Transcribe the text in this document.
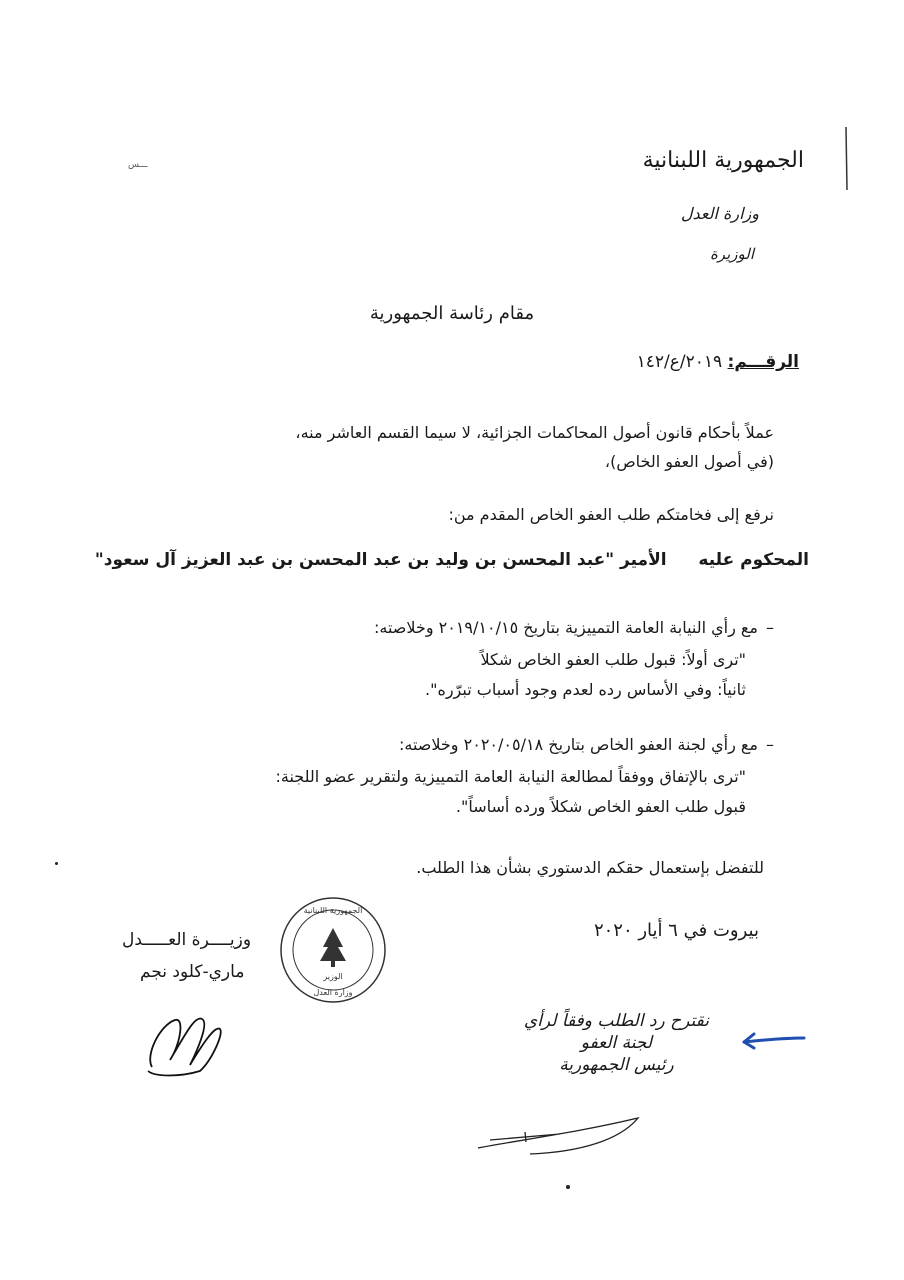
ـــس	الجمهورية اللبنانية
وزارة العدل
الوزيرة
مقام رئاسة الجمهورية
الرقـــم: ٢٠١٩/ع/١٤٢
عملاً بأحكام قانون أصول المحاكمات الجزائية، لا سيما القسم العاشر منه،
(في أصول العفو الخاص)،
نرفع إلى فخامتكم طلب العفو الخاص المقدم من:
المحكوم عليه  الأمير "عبد المحسن بن وليد بن عبد المحسن بن عبد العزيز آل سعود"
–مع رأي النيابة العامة التمييزية بتاريخ ٢٠١٩/١٠/١٥ وخلاصته:
"ترى أولاً: قبول طلب العفو الخاص شكلاً
ثانياً: وفي الأساس رده لعدم وجود أسباب تبرّره".
–مع رأي لجنة العفو الخاص بتاريخ ٢٠٢٠/٠٥/١٨ وخلاصته:
"ترى بالإتفاق ووفقاً لمطالعة النيابة العامة التمييزية ولتقرير عضو اللجنة:
قبول طلب العفو الخاص شكلاً ورده أساساً".
للتفضل بإستعمال حقكم الدستوري بشأن هذا الطلب.
بيروت في ٦ أيار ٢٠٢٠
وزيــــرة العـــــدل
ماري-كلود نجم
الجمهورية اللبنانية
الوزير
وزارة العدل
نقترح رد الطلب وفقاً لرأي
لجنة العفو
رئيس الجمهورية
